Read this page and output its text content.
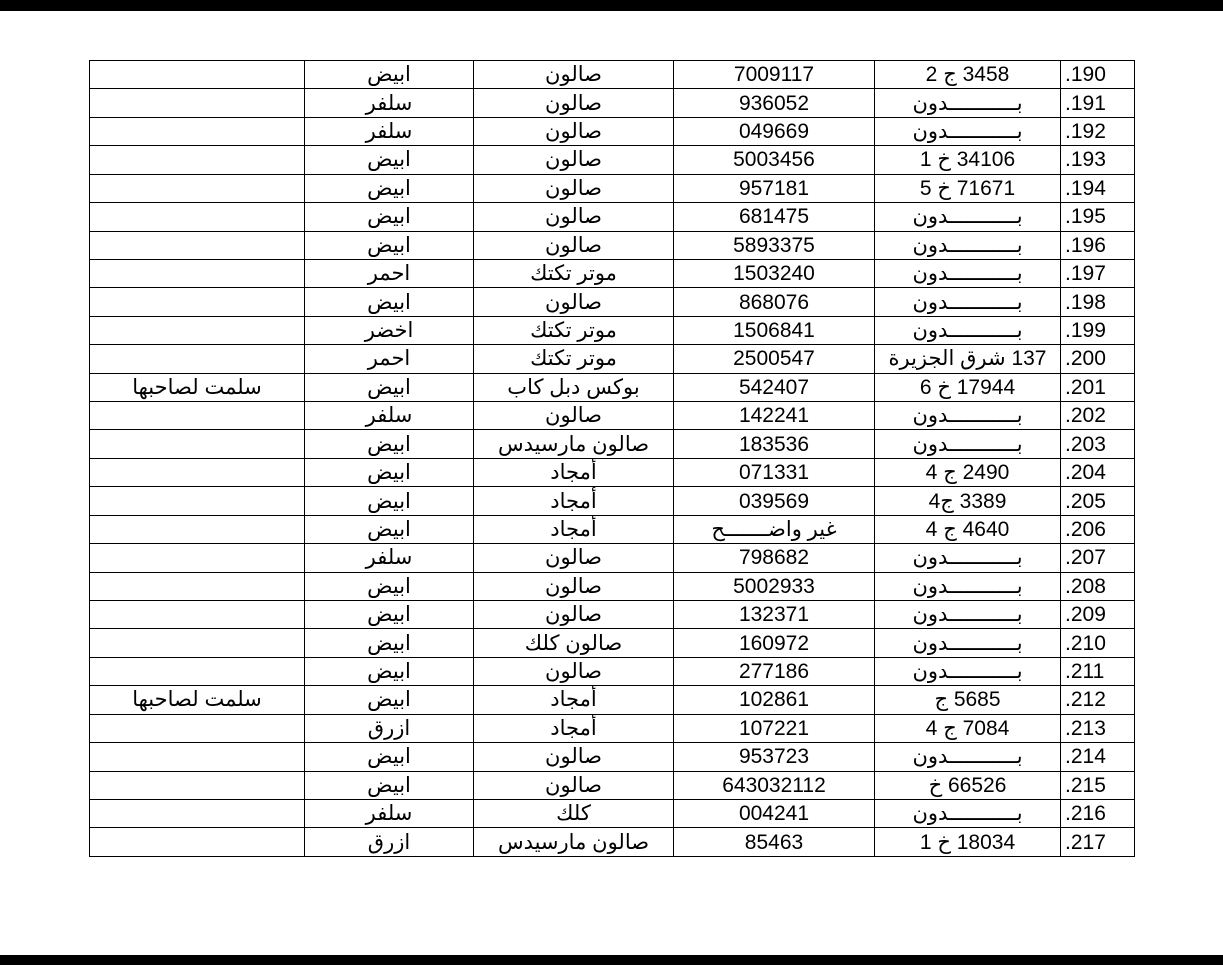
	ابيض	صالون	7009117	3458 ج 2	.190
	سلفر	صالون	936052	بـــــــــــدون	.191
	سلفر	صالون	049669	بـــــــــــدون	.192
	ابيض	صالون	5003456	34106 خ 1	.193
	ابيض	صالون	957181	71671 خ 5	.194
	ابيض	صالون	681475	بـــــــــــدون	.195
	ابيض	صالون	5893375	بـــــــــــدون	.196
	احمر	موتر تكتك	1503240	بـــــــــــدون	.197
	ابيض	صالون	868076	بـــــــــــدون	.198
	اخضر	موتر تكتك	1506841	بـــــــــــدون	.199
	احمر	موتر تكتك	2500547	137 شرق الجزيرة	.200
سلمت لصاحبها	ابيض	بوكس دبل كاب	542407	17944 خ 6	.201
	سلفر	صالون	142241	بـــــــــــدون	.202
	ابيض	صالون مارسيدس	183536	بـــــــــــدون	.203
	ابيض	أمجاد	071331	2490 ج 4	.204
	ابيض	أمجاد	039569	3389 ج4	.205
	ابيض	أمجاد	غير واضـــــــح	4640 ج 4	.206
	سلفر	صالون	798682	بـــــــــــدون	.207
	ابيض	صالون	5002933	بـــــــــــدون	.208
	ابيض	صالون	132371	بـــــــــــدون	.209
	ابيض	صالون كلك	160972	بـــــــــــدون	.210
	ابيض	صالون	277186	بـــــــــــدون	.211
سلمت لصاحبها	ابيض	أمجاد	102861	5685 ج	.212
	ازرق	أمجاد	107221	7084 ج 4	.213
	ابيض	صالون	953723	بـــــــــــدون	.214
	ابيض	صالون	643032112	66526 خ	.215
	سلفر	كلك	004241	بـــــــــــدون	.216
	ازرق	صالون مارسيدس	85463	18034 خ 1	.217
